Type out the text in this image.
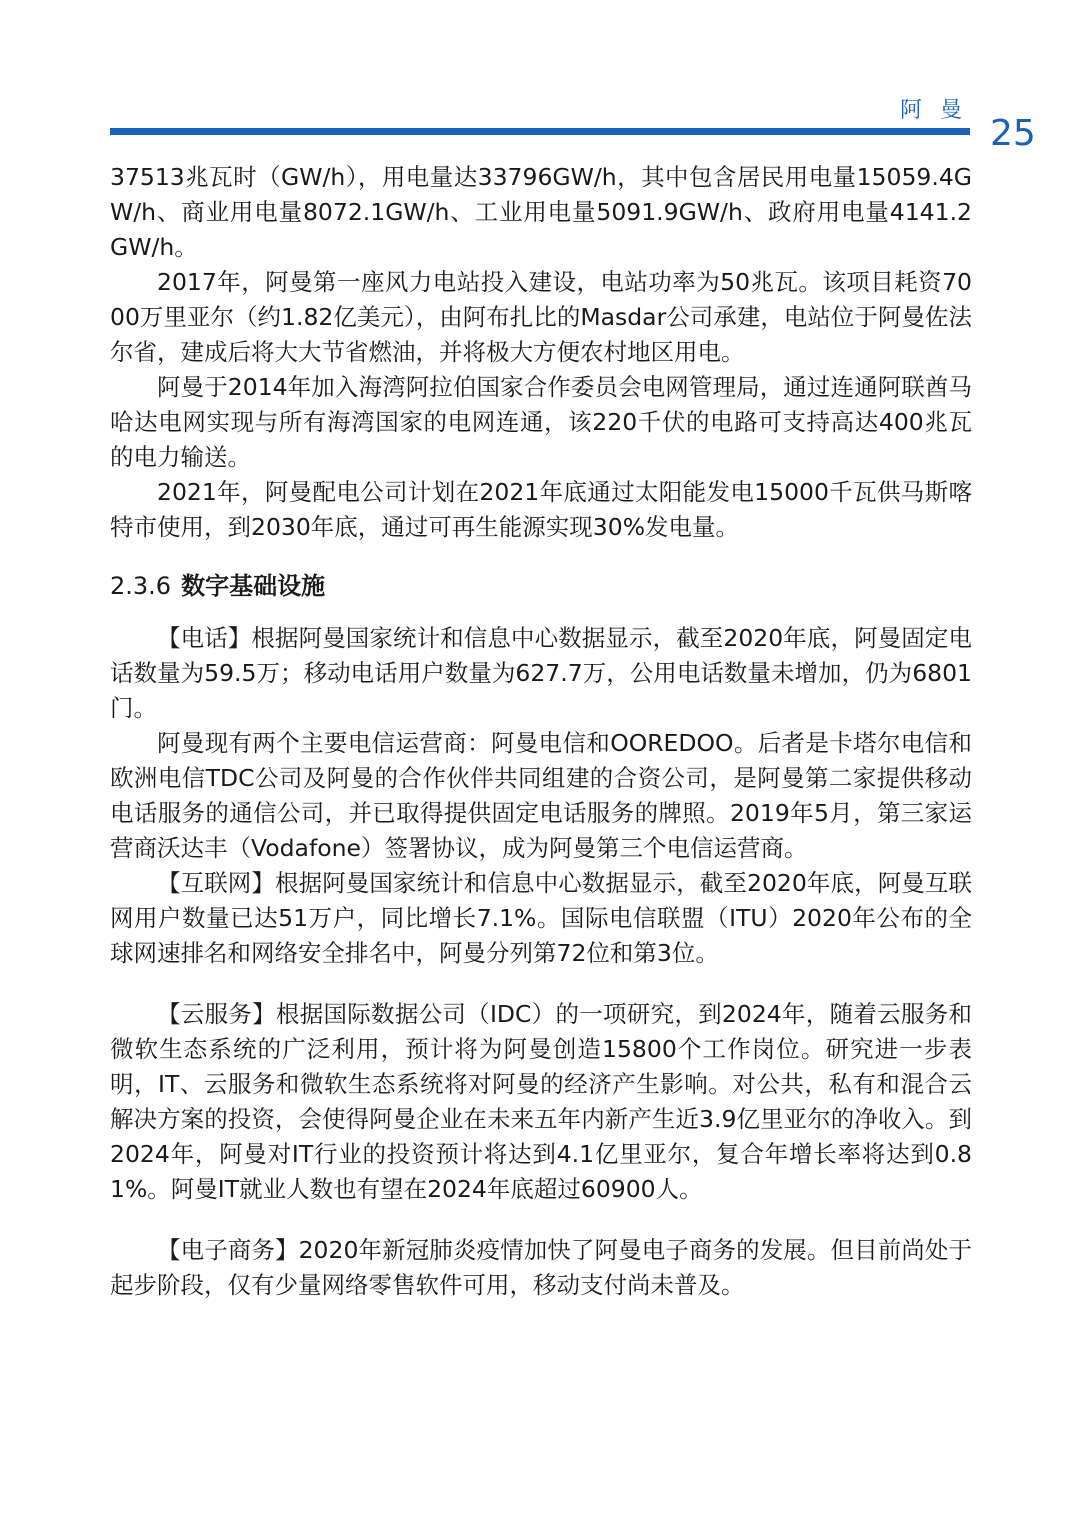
阿曼
25

37513兆瓦时（GW/h），用电量达33796GW/h，其中包含居民用电量15059.4GW/h、商业用电量8072.1GW/h、工业用电量5091.9GW/h、政府用电量4141.2GW/h。

2017年，阿曼第一座风力电站投入建设，电站功率为50兆瓦。该项目耗资7000万里亚尔（约1.82亿美元），由阿布扎比的Masdar公司承建，电站位于阿曼佐法尔省，建成后将大大节省燃油，并将极大方便农村地区用电。

阿曼于2014年加入海湾阿拉伯国家合作委员会电网管理局，通过连通阿联酋马哈达电网实现与所有海湾国家的电网连通，该220千伏的电路可支持高达400兆瓦的电力输送。

2021年，阿曼配电公司计划在2021年底通过太阳能发电15000千瓦供马斯喀特市使用，到2030年底，通过可再生能源实现30%发电量。

2.3.6 数字基础设施

【电话】根据阿曼国家统计和信息中心数据显示，截至2020年底，阿曼固定电话数量为59.5万；移动电话用户数量为627.7万，公用电话数量未增加，仍为6801门。

阿曼现有两个主要电信运营商：阿曼电信和OOREDOO。后者是卡塔尔电信和欧洲电信TDC公司及阿曼的合作伙伴共同组建的合资公司，是阿曼第二家提供移动电话服务的通信公司，并已取得提供固定电话服务的牌照。2019年5月，第三家运营商沃达丰（Vodafone）签署协议，成为阿曼第三个电信运营商。

【互联网】根据阿曼国家统计和信息中心数据显示，截至2020年底，阿曼互联网用户数量已达51万户，同比增长7.1%。国际电信联盟（ITU）2020年公布的全球网速排名和网络安全排名中，阿曼分列第72位和第3位。

【云服务】根据国际数据公司（IDC）的一项研究，到2024年，随着云服务和微软生态系统的广泛利用，预计将为阿曼创造15800个工作岗位。研究进一步表明，IT、云服务和微软生态系统将对阿曼的经济产生影响。对公共，私有和混合云解决方案的投资，会使得阿曼企业在未来五年内新产生近3.9亿里亚尔的净收入。到2024年，阿曼对IT行业的投资预计将达到4.1亿里亚尔，复合年增长率将达到0.81%。阿曼IT就业人数也有望在2024年底超过60900人。

【电子商务】2020年新冠肺炎疫情加快了阿曼电子商务的发展。但目前尚处于起步阶段，仅有少量网络零售软件可用，移动支付尚未普及。
